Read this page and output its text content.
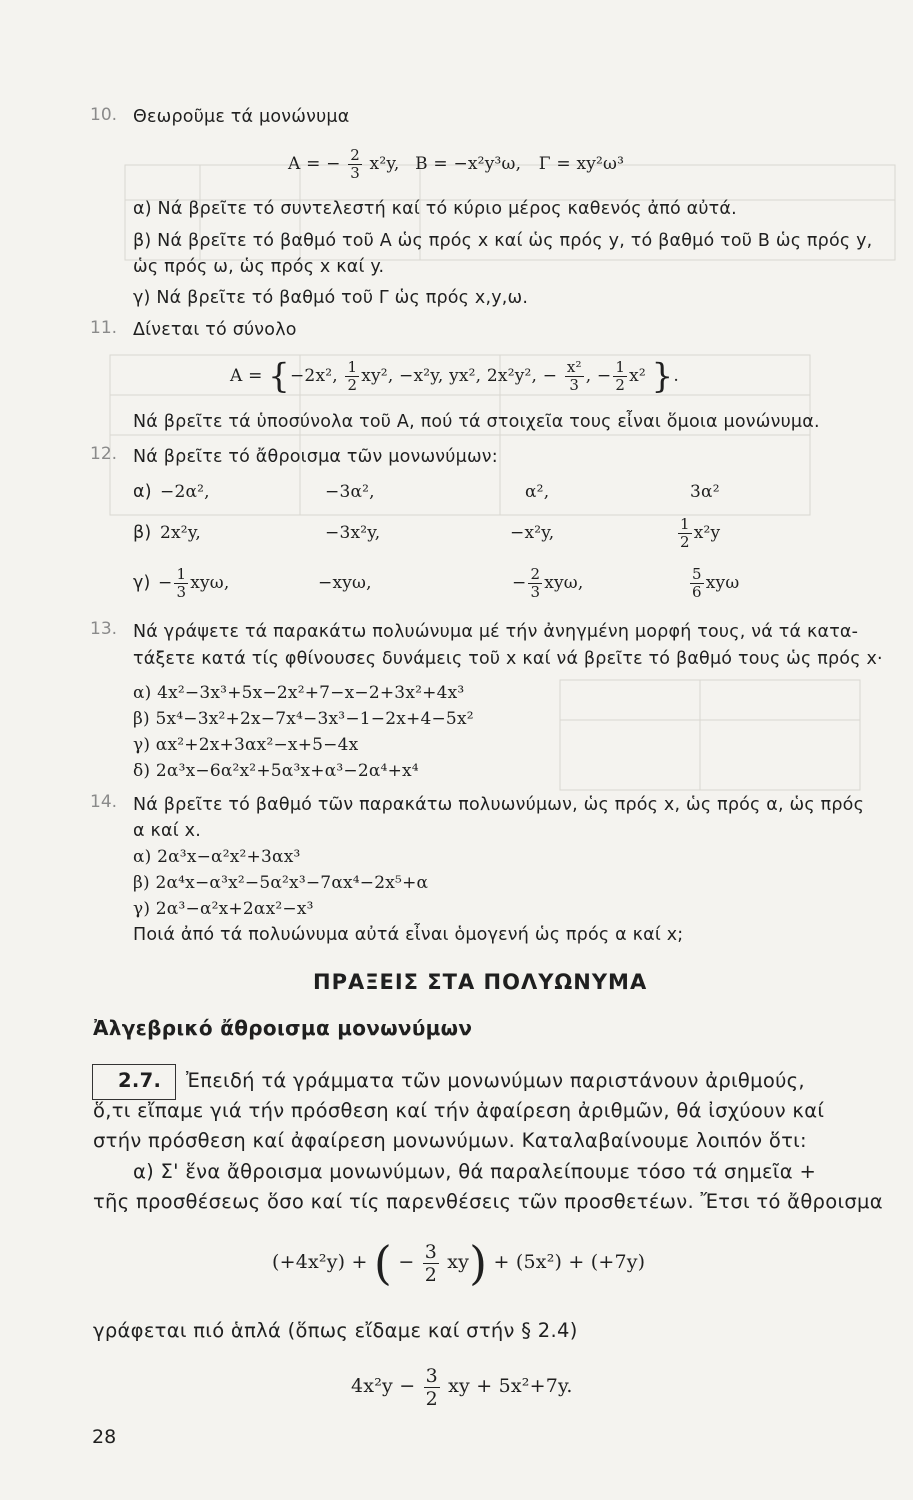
10. Θεωροῦμε τά μονώνυμα
A = − $\frac{2}{3} x^2y$, B = −x²y³ω, Γ = xy²ω³
α) Νά βρεῖτε τό συντελεστή καί τό κύριο μέρος καθενός ἀπό αὐτά.
β) Νά βρεῖτε τό βαθμό τοῦ Α ὡς πρός x καί ὡς πρός y, τό βαθμό τοῦ Β ὡς πρός y,
ὡς πρός ω, ὡς πρός x καί y.
γ) Νά βρεῖτε τό βαθμό τοῦ Γ ὡς πρός x,y,ω.
11. Δίνεται τό σύνολο
A = {−2x², $\frac{1}{2} xy^2$, −x²y, yx², 2x²y², − $\frac{\text{x²}}{3}$ , − $\frac{1}{2} x^2$ }.
Νά βρεῖτε τά ὑποσύνολα τοῦ Α, πού τά στοιχεῖα τους εἶναι ὅμοια μονώνυμα.
12. Νά βρεῖτε τό ἄθροισμα τῶν μονωνύμων:
α) −2α²,	−3α²,	α²,	3α²
β) 2x²y,	−3x²y,	−x²y,	$\frac{1}{2} x^2y$
$\gamma) - \frac{1}{3} xy\omega$,	−xyω,	− $\frac{2}{3} xy\omega$,	$\frac{5}{6}$ xyω
13. Νά γράψετε τά παρακάτω πολυώνυμα μέ τήν ἀνηγμένη μορφή τους, νά τά κατα-
τάξετε κατά τίς φθίνουσες δυνάμεις τοῦ x καί νά βρεῖτε τό βαθμό τους ὡς πρός x·
α) 4x²−3x³+5x−2x²+7−x−2+3x²+4x³
β) 5x⁴−3x²+2x−7x⁴−3x³−1−2x+4−5x²
γ) αx²+2x+3αx²−x+5−4x
δ) 2α³x−6α²x²+5α³x+α³−2α⁴+x⁴
14. Νά βρεῖτε τό βαθμό τῶν παρακάτω πολυωνύμων, ὡς πρός x, ὡς πρός α, ὡς πρός
α καί x.
α) 2α³x−α²x²+3αx³
β) 2α⁴x−α³x²−5α²x³−7αx⁴−2x⁵+α
γ) 2α³−α²x+2αx²−x³
Ποιά ἀπό τά πολυώνυμα αὐτά εἶναι ὁμογενή ὡς πρός α καί x;
ΠΡΑΞΕΙΣ ΣΤΑ ΠΟΛΥΩΝΥΜΑ
Ἀλγεβρικό ἄθροισμα μονωνύμων
2.7. Ἐπειδή τά γράμματα τῶν μονωνύμων παριστάνουν ἀριθμούς,
ὅ,τι εἴπαμε γιά τήν πρόσθεση καί τήν ἀφαίρεση ἀριθμῶν, θά ἰσχύουν καί
στήν πρόσθεση καί ἀφαίρεση μονωνύμων. Καταλαβαίνουμε λοιπόν ὅτι:
α) Σ' ἕνα ἄθροισμα μονωνύμων, θά παραλείπουμε τόσο τά σημεῖα +
τῆς προσθέσεως ὅσο καί τίς παρενθέσεις τῶν προσθετέων. Ἔτσι τό ἄθροισμα
(+4x²y) + ( − $\frac{3}{2} xy) + (5x^2) + (+7y)$
γράφεται πιό ἁπλά (ὅπως εἴδαμε καί στήν § 2.4)
$4x^2y - \frac{3}{2}$ xy + 5x²+7y.
28
